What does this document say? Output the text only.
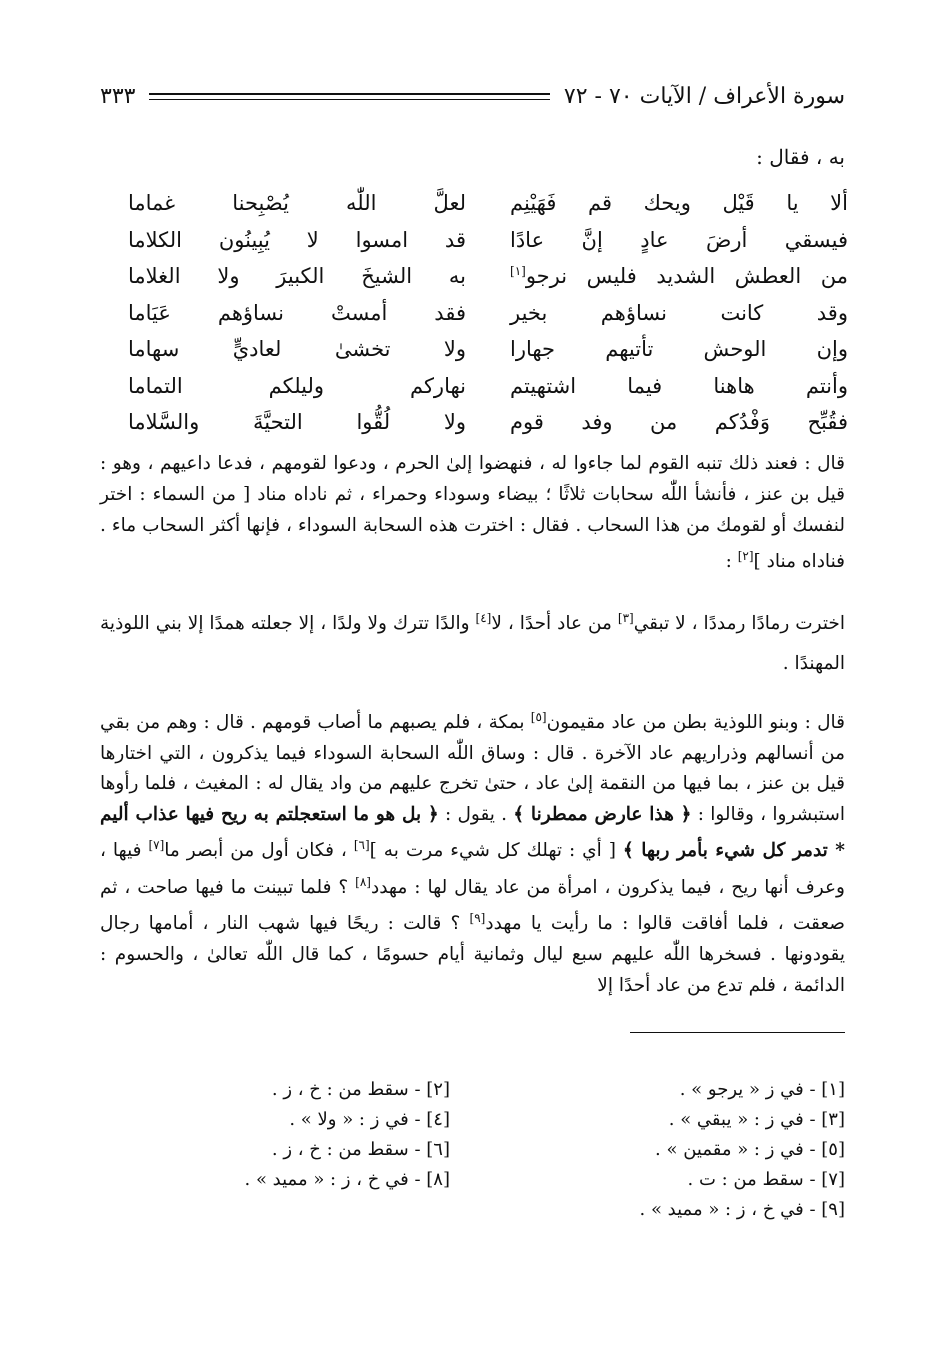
سورة الأعراف / الآيات ٧٠ - ٧٢
٣٣٣
به ، فقال :
ألا يا قَيْل ويحك قم فَهَيْنِم
لعلَّ اللّٰه يُصْبِحنا غماما
فيسقي أرضَ عادٍ إنَّ عادًا
قد امسوا لا يُبِينُون الكلاما
من العطش الشديد فليس نرجو[١]
به الشيخَ الكبيرَ ولا الغلاما
وقد كانت نساؤهم بخير
فقد أمستْ نساؤهم عَيَاما
وإن الوحش تأتيهم جهارا
ولا تخشىٰ لعاديٍّ سهاما
وأنتم هاهنا فيما اشتهيتم
نهاركم وليلكم التماما
فقُبِّح وَفْدُكم من وفد قوم
ولا لُقُّوا التحيَّةَ والسَّلاما
قال : فعند ذلك تنبه القوم لما جاءوا له ، فنهضوا إلىٰ الحرم ، ودعوا لقومهم ، فدعا داعيهم ، وهو : قيل بن عنز ، فأنشأ اللّٰه سحابات ثلاثًا ؛ بيضاء وسوداء وحمراء ، ثم ناداه مناد [ من السماء : اختر لنفسك أو لقومك من هذا السحاب . فقال : اخترت هذه السحابة السوداء ، فإنها أكثر السحاب ماء . فناداه مناد ][٢] :
اخترت رمادًا رمددًا ، لا تبقي[٣] من عاد أحدًا ، لا[٤] والدًا تترك ولا ولدًا ، إلا جعلته همدًا إلا بني اللوذية المهندًا .
قال : وبنو اللوذية بطن من عاد مقيمون[٥] بمكة ، فلم يصبهم ما أصاب قومهم . قال : وهم من بقي من أنسالهم وذراريهم عاد الآخرة . قال : وساق اللّٰه السحابة السوداء فيما يذكرون ، التي اختارها قيل بن عنز ، بما فيها من النقمة إلىٰ عاد ، حتىٰ تخرج عليهم من واد يقال له : المغيث ، فلما رأوها استبشروا ، وقالوا : ﴿ هذا عارض ممطرنا ﴾ . يقول : ﴿ بل هو ما استعجلتم به ريح فيها عذاب أليم * تدمر كل شيء بأمر ربها ﴾ [ أي : تهلك كل شيء مرت به ][٦] ، فكان أول من أبصر ما[٧] فيها ، وعرف أنها ريح ، فيما يذكرون ، امرأة من عاد يقال لها : مهدد[٨] ؟ فلما تبينت ما فيها صاحت ، ثم صعقت ، فلما أفاقت قالوا : ما رأيت يا مهدد[٩] ؟ قالت : ريحًا فيها شهب النار ، أمامها رجال يقودونها . فسخرها اللّٰه عليهم سبع ليال وثمانية أيام حسومًا ، كما قال اللّٰه تعالىٰ ، والحسوم : الدائمة ، فلم تدع من عاد أحدًا إلا
[١] - في ز « يرجو » .
[٣] - في ز : « يبقي » .
[٥] - في ز : « مقمين » .
[٧] - سقط من : ت .
[٩] - في خ ، ز : « مميد » .
[٢] - سقط من : خ ، ز .
[٤] - في ز : « ولا » .
[٦] - سقط من : خ ، ز .
[٨] - في خ ، ز : « مميد » .
